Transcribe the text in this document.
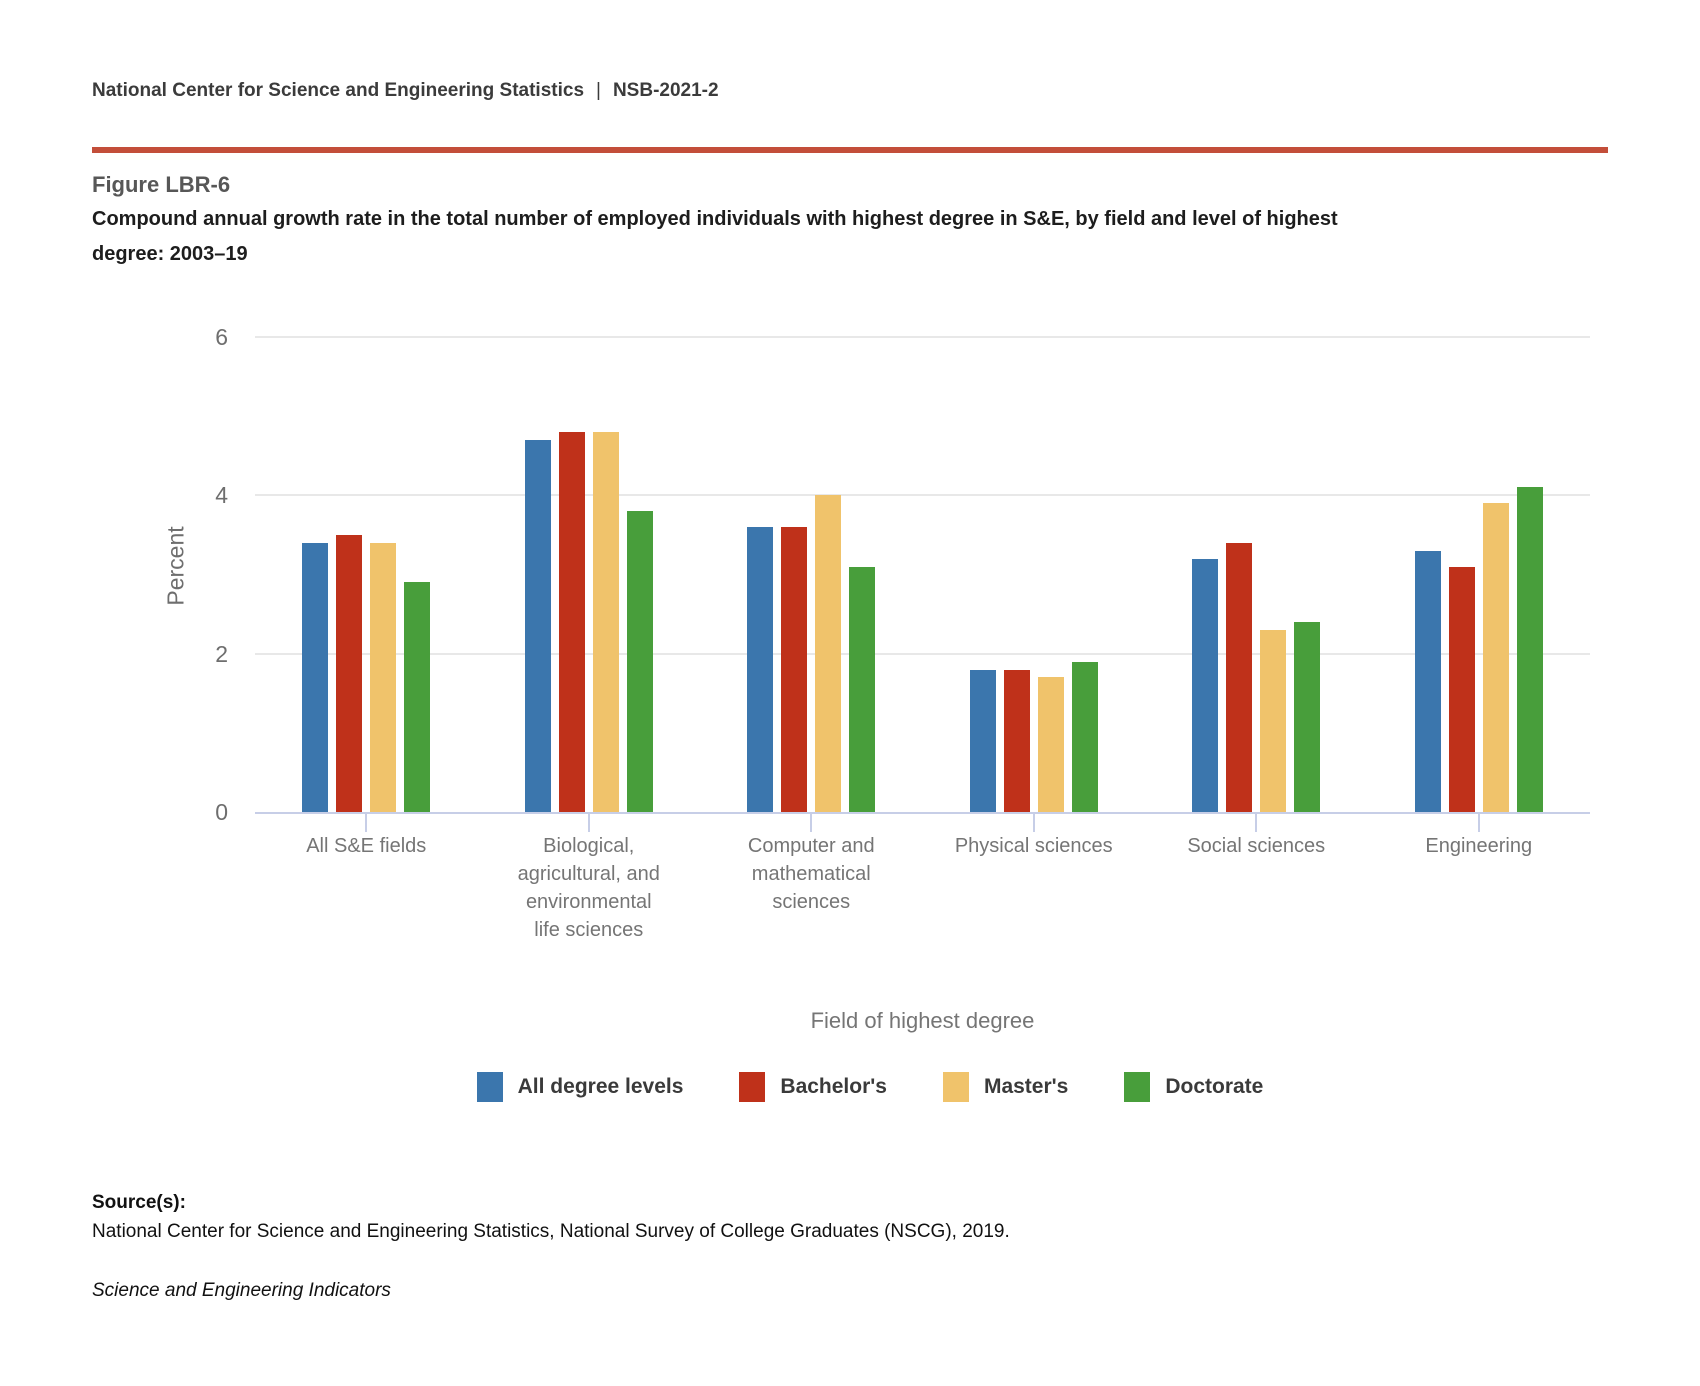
National Center for Science and Engineering Statistics | NSB-2021-2
Figure LBR-6
Compound annual growth rate in the total number of employed individuals with highest degree in S&E, by field and level of highest
degree: 2003–19
Percent
0
2
4
6
All S&E fields	Biological,
agricultural, and
environmental
life sciences
Computer and
mathematical
sciences
Physical sciences	Social sciences	Engineering
Field of highest degree
All degree levels	Bachelor's	Master's	Doctorate
Source(s):
National Center for Science and Engineering Statistics, National Survey of College Graduates (NSCG), 2019.
Science and Engineering Indicators
